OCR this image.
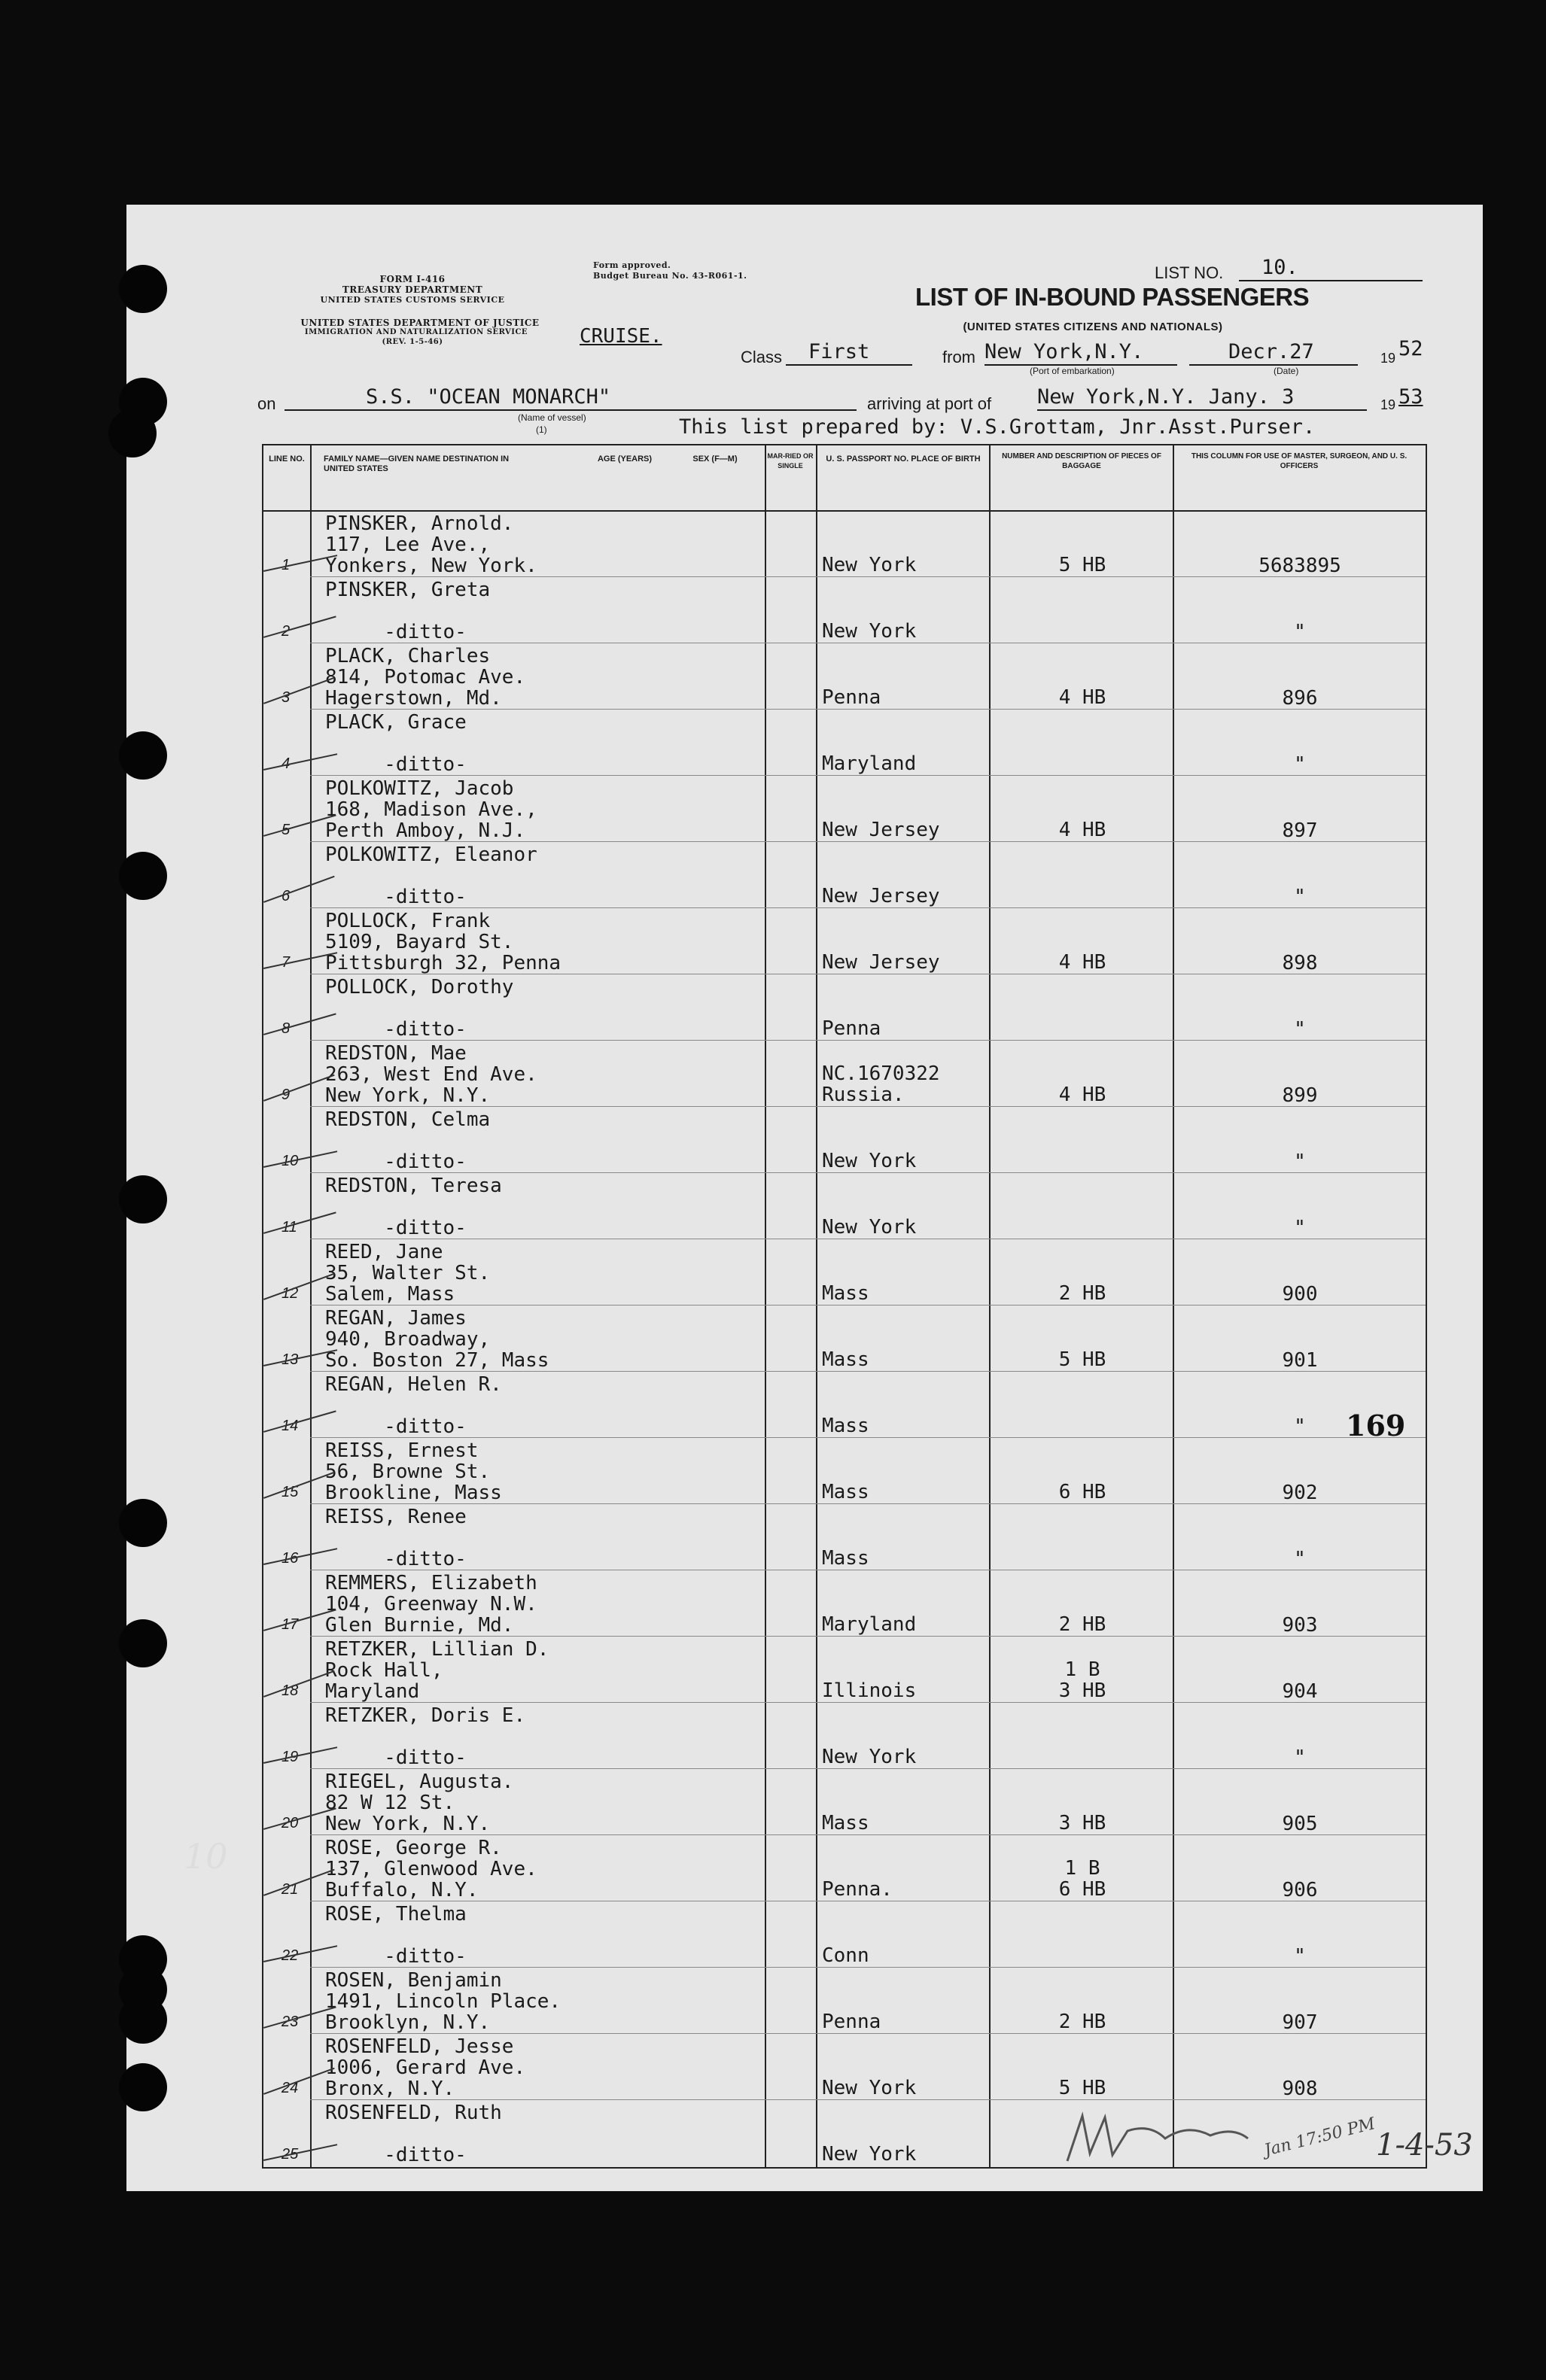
FORM I-416
TREASURY DEPARTMENT
UNITED STATES CUSTOMS SERVICE
Form approved.
Budget Bureau No. 43-R061-1.
UNITED STATES DEPARTMENT OF JUSTICE
IMMIGRATION AND NATURALIZATION SERVICE
(REV. 1-5-46)	CRUISE.
LIST NO. 10.
LIST OF IN-BOUND PASSENGERS
(UNITED STATES CITIZENS AND NATIONALS)
Class First	from New York,N.Y.	Decr.27	19 52
(Port of embarkation)	(Date)
on	S.S. "OCEAN MONARCH"
(Name of vessel)
(1)
arriving at port of New York,N.Y. Jany. 3	19 53
This list prepared by: V.S.Grottam, Jnr.Asst.Purser.
LINE NO.	FAMILY NAME—GIVEN NAME DESTINATION IN UNITED STATES
AGE (YEARS)	SEX (F—M)	MAR-RIED OR SINGLE
U. S. PASSPORT NO. PLACE OF BIRTH	NUMBER AND DESCRIPTION OF PIECES OF BAGGAGE
THIS COLUMN FOR USE OF MASTER, SURGEON, AND U. S. OFFICERS
1
PINSKER, Arnold.
117, Lee Ave.,
Yonkers, New York.	New York	5 HB	5683895
2
PINSKER, Greta

-ditto-	New York	"
3
PLACK, Charles
814, Potomac Ave.
Hagerstown, Md.	Penna	4 HB	896
4
PLACK, Grace

-ditto-	Maryland	"
5
POLKOWITZ, Jacob
168, Madison Ave.,
Perth Amboy, N.J.	New Jersey	4 HB	897
6
POLKOWITZ, Eleanor

-ditto-	New Jersey	"
7
POLLOCK, Frank
5109, Bayard St.
Pittsburgh 32, Penna	New Jersey	4 HB	898
8
POLLOCK, Dorothy

-ditto-	Penna	"
9
REDSTON, Mae
263, West End Ave.
New York, N.Y.
NC.1670322
Russia.	4 HB	899
10
REDSTON, Celma

-ditto-	New York	"
11
REDSTON, Teresa

-ditto-	New York	"
12
REED, Jane
35, Walter St.
Salem, Mass	Mass	2 HB	900
13
REGAN, James
940, Broadway,
So. Boston 27, Mass	Mass	5 HB	901
14
REGAN, Helen R.

-ditto-	Mass	"
15
REISS, Ernest
56, Browne St.
Brookline, Mass	Mass	6 HB	902
16
REISS, Renee

-ditto-	Mass	"
17
REMMERS, Elizabeth
104, Greenway N.W.
Glen Burnie, Md.	Maryland	2 HB	903
18
RETZKER, Lillian D.
Rock Hall,
Maryland	Illinois
1 B
3 HB	904
19
RETZKER, Doris E.

-ditto-	New York	"
20
RIEGEL, Augusta.
82 W 12 St.
New York, N.Y.	Mass	3 HB	905
21
ROSE, George R.
137, Glenwood Ave.
Buffalo, N.Y.	Penna.
1 B
6 HB	906
22
ROSE, Thelma

-ditto-	Conn	"
23
ROSEN, Benjamin
1491, Lincoln Place.
Brooklyn, N.Y.	Penna	2 HB	907
24
ROSENFELD, Jesse
1006, Gerard Ave.
Bronx, N.Y.	New York	5 HB	908
25
ROSENFELD, Ruth

-ditto-	New York
169
Jan 17:50 PM
1-4-53
10
